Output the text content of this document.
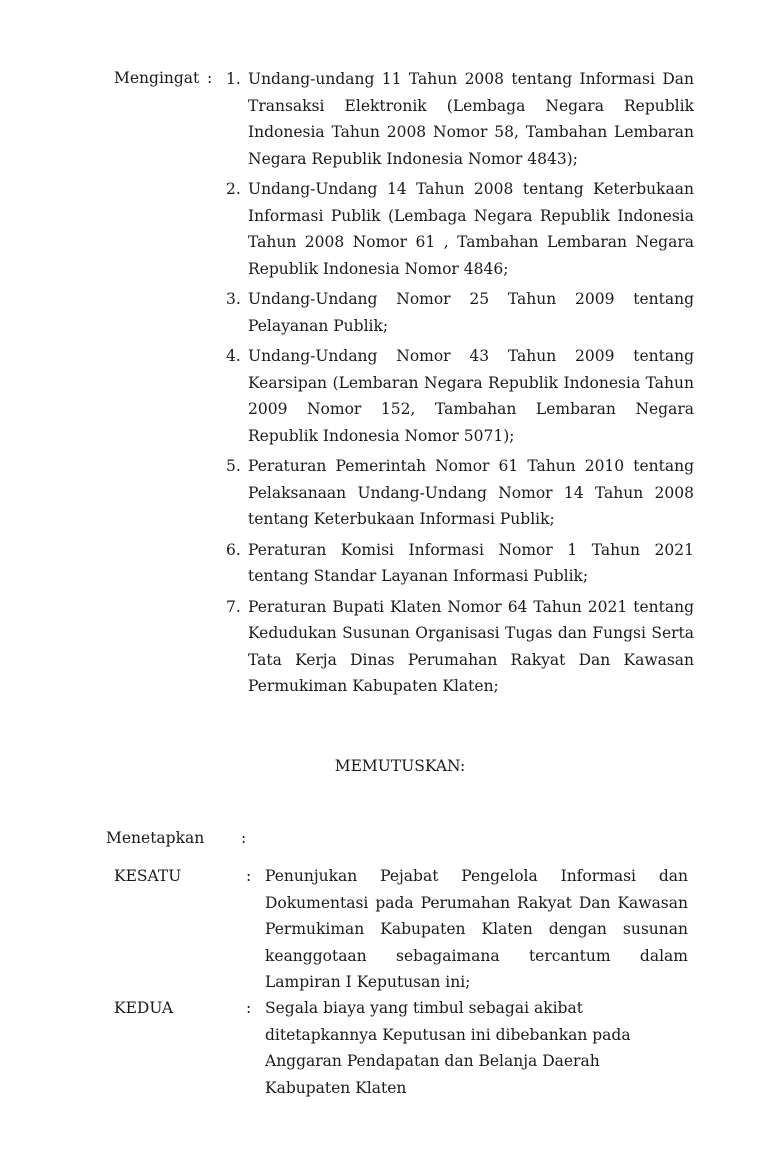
Mengingat : 1. Undang-undang 11 Tahun 2008 tentang Informasi Dan Transaksi Elektronik (Lembaga Negara Republik Indonesia Tahun 2008 Nomor 58, Tambahan Lembaran Negara Republik Indonesia Nomor 4843);
2. Undang-Undang 14 Tahun 2008 tentang Keterbukaan Informasi Publik (Lembaga Negara Republik Indonesia Tahun 2008 Nomor 61 , Tambahan Lembaran Negara Republik Indonesia Nomor 4846;
3. Undang-Undang Nomor 25 Tahun 2009 tentang Pelayanan Publik;
4. Undang-Undang Nomor 43 Tahun 2009 tentang Kearsipan (Lembaran Negara Republik Indonesia Tahun 2009 Nomor 152, Tambahan Lembaran Negara Republik Indonesia Nomor 5071);
5. Peraturan Pemerintah Nomor 61 Tahun 2010 tentang Pelaksanaan Undang-Undang Nomor 14 Tahun 2008 tentang Keterbukaan Informasi Publik;
6. Peraturan Komisi Informasi Nomor 1 Tahun 2021 tentang Standar Layanan Informasi Publik;
7. Peraturan Bupati Klaten Nomor 64 Tahun 2021 tentang Kedudukan Susunan Organisasi Tugas dan Fungsi Serta Tata Kerja Dinas Perumahan Rakyat Dan Kawasan Permukiman Kabupaten Klaten;
MEMUTUSKAN:
Menetapkan :
KESATU	: Penunjukan Pejabat Pengelola Informasi dan Dokumentasi pada Perumahan Rakyat Dan Kawasan Permukiman Kabupaten Klaten dengan susunan keanggotaan sebagaimana tercantum dalam Lampiran I Keputusan ini;
KEDUA	: Segala biaya yang timbul sebagai akibat ditetapkannya Keputusan ini dibebankan pada Anggaran Pendapatan dan Belanja Daerah Kabupaten Klaten
